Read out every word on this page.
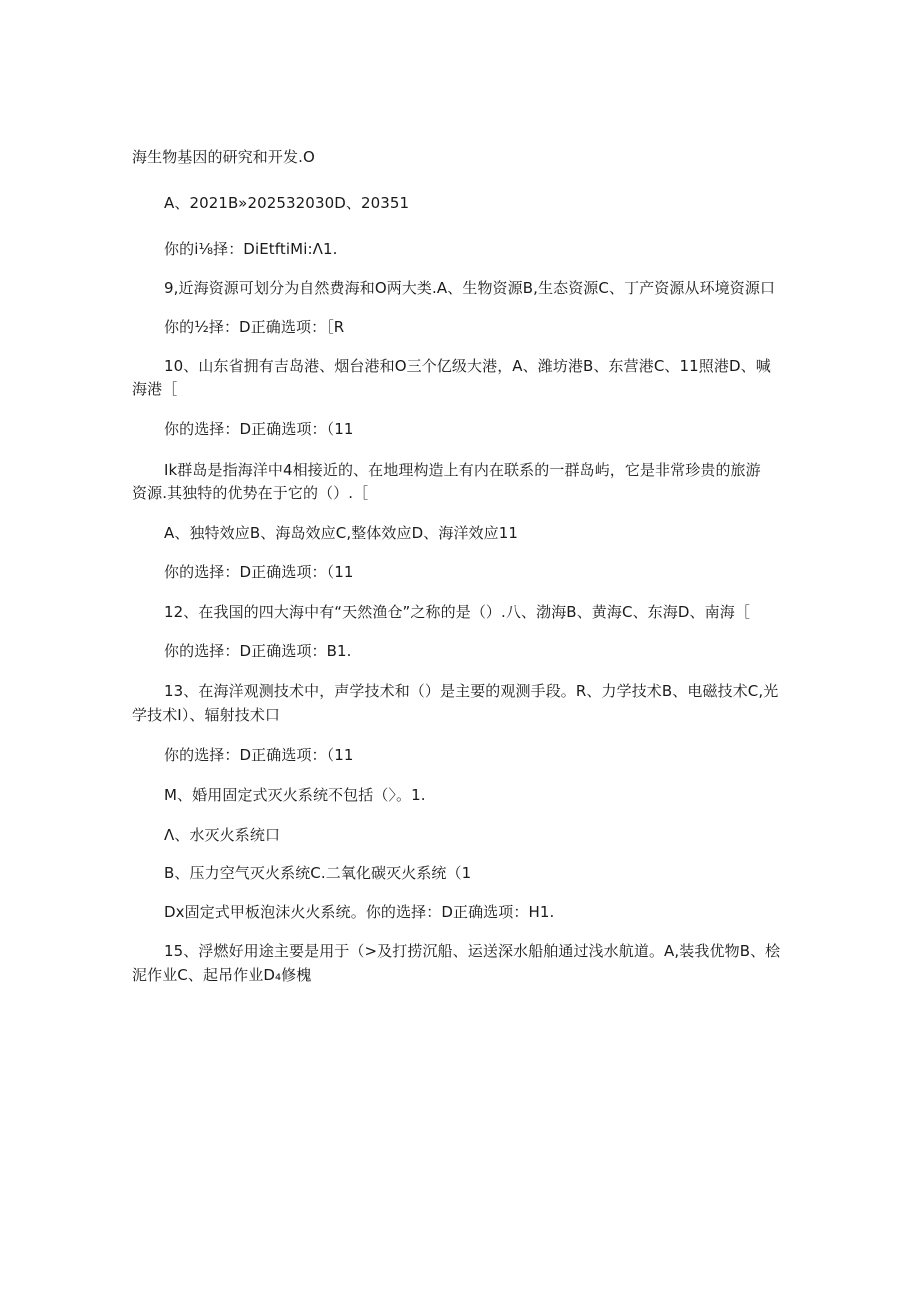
海生物基因的研究和开发.O
A、2021B»202532030D、20351
你的i⅛择：DiEtftiMi:Λ1.
9,近海资源可划分为自然费海和O两大类.A、生物资源B,生态资源C、丁产资源从环境资源口
你的½择：D正确选项：［R
10、山东省拥有吉岛港、烟台港和O三个亿级大港，A、潍坊港B、东营港C、11照港D、喊
海港［
你的选择：D正确选项：（11
Ik群岛是指海洋中4相接近的、在地理构造上有内在联系的一群岛屿，它是非常珍贵的旅游
资源.其独特的优势在于它的（）.［
A、独特效应B、海岛效应C,整体效应D、海洋效应11
你的选择：D正确选项：（11
12、在我国的四大海中有“天然渔仓”之称的是（）.八、渤海B、黄海C、东海D、南海［
你的选择：D正确选项：B1.
13、在海洋观测技术中，声学技术和（）是主要的观测手段。R、力学技术B、电磁技术C,光
学技术I）、辐射技术口
你的选择：D正确选项：（11
M、婚用固定式灭火系统不包括（〉。1.
Λ、水灭火系统口
B、压力空气灭火系统C.二氧化碳灭火系统（1
Dx固定式甲板泡沫火火系统。你的选择：D正确选项：H1.
15、浮燃好用途主要是用于（>及打捞沉船、运送深水船舶通过浅水航道。A,装我优物B、桧
泥作业C、起吊作业D₄修槐
